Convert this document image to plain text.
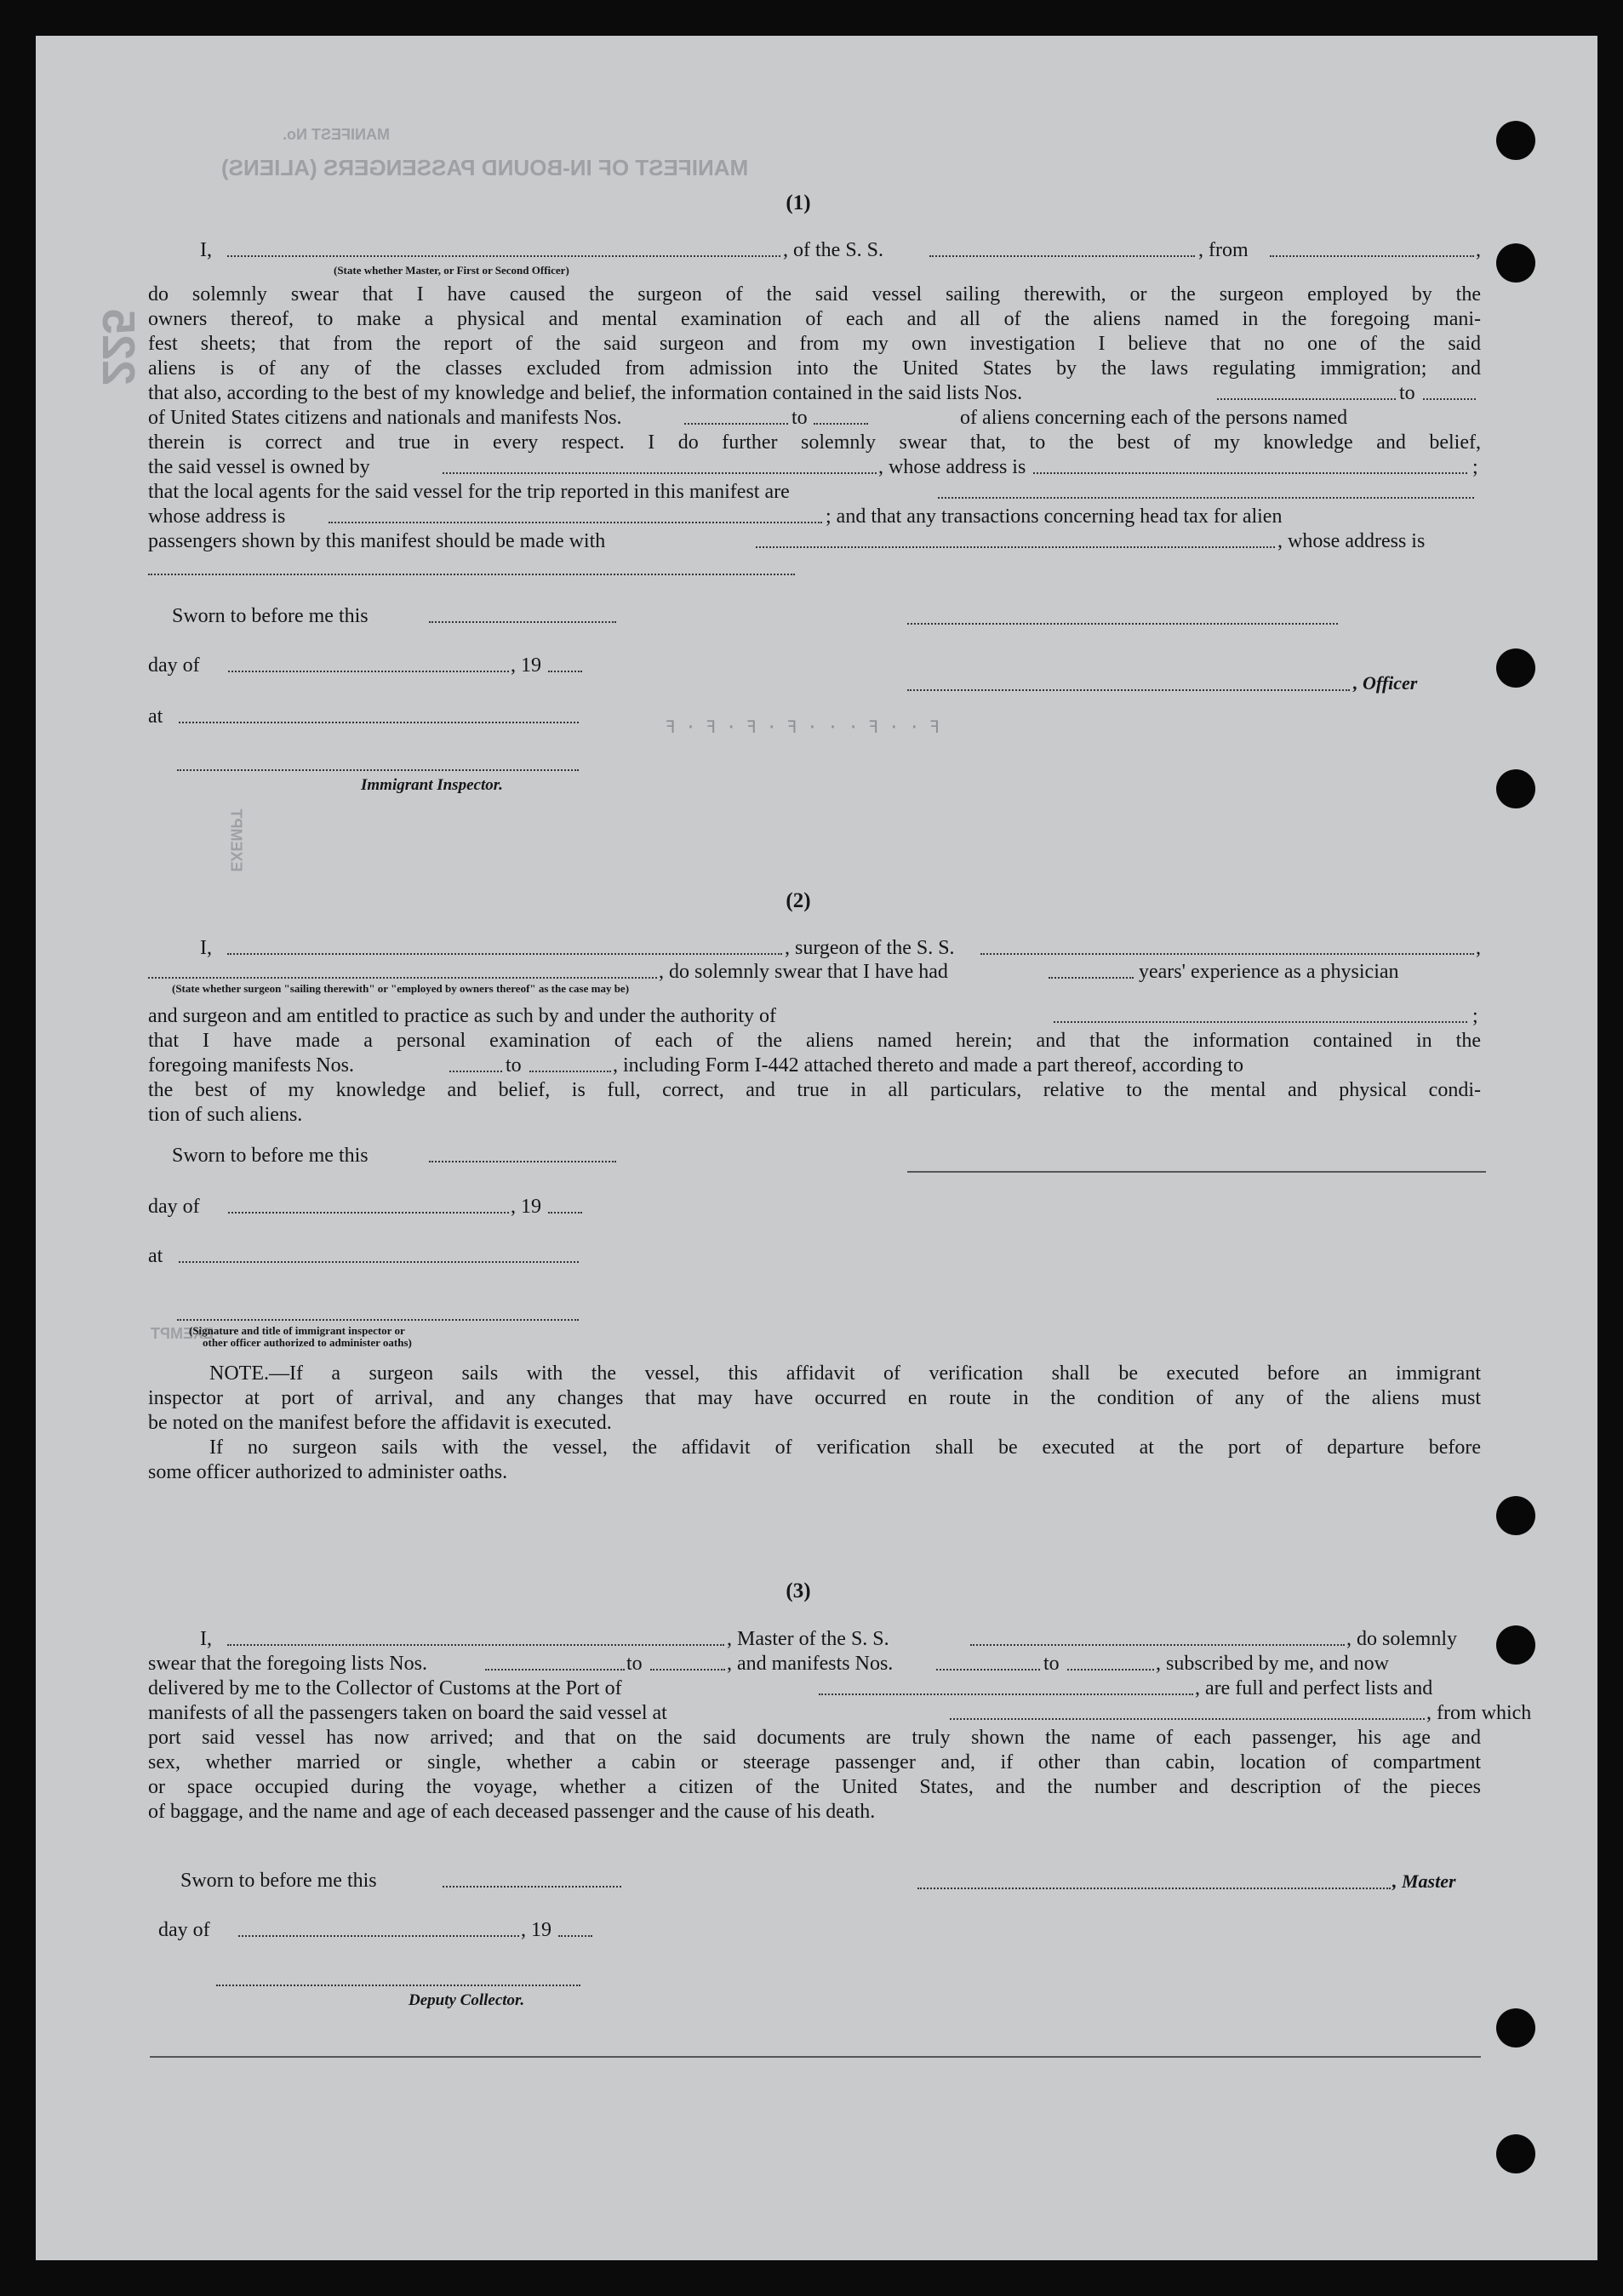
MANIFEST No.
MANIFEST OF IN-BOUND PASSENGERS (ALIENS)
225
EXEMPT
EXEMPT
ꟻ · ꟻ · ꟻ · ꟻ · · · ꟻ · · ꟻ
(1)
I,	, of the S. S.	, from	,
(State whether Master, or First or Second Officer)
do solemnly swear that I have caused the surgeon of the said vessel sailing therewith, or the surgeon employed by the
owners thereof, to make a physical and mental examination of each and all of the aliens named in the foregoing mani-
fest sheets; that from the report of the said surgeon and from my own investigation I believe that no one of the said
aliens is of any of the classes excluded from admission into the United States by the laws regulating immigration; and
that also, according to the best of my knowledge and belief, the information contained in the said lists Nos.	to
of United States citizens and nationals and manifests Nos.	to	of aliens concerning each of the persons named
therein is correct and true in every respect. I do further solemnly swear that, to the best of my knowledge and belief,
the said vessel is owned by	, whose address is	;
that the local agents for the said vessel for the trip reported in this manifest are
whose address is	; and that any transactions concerning head tax for alien
passengers shown by this manifest should be made with	, whose address is
Sworn to before me this
day of	, 19
, Officer
at
Immigrant Inspector.
(2)
I,	, surgeon of the S. S.	,
, do solemnly swear that I have had	years' experience as a physician
(State whether surgeon "sailing therewith" or "employed by owners thereof" as the case may be)
and surgeon and am entitled to practice as such by and under the authority of	;
that I have made a personal examination of each of the aliens named herein; and that the information contained in the
foregoing manifests Nos.	to	, including Form I-442 attached thereto and made a part thereof, according to
the best of my knowledge and belief, is full, correct, and true in all particulars, relative to the mental and physical condi-
tion of such aliens.
Sworn to before me this
day of	, 19
at
(Signature and title of immigrant inspector or
other officer authorized to administer oaths)
NOTE.—If a surgeon sails with the vessel, this affidavit of verification shall be executed before an immigrant
inspector at port of arrival, and any changes that may have occurred en route in the condition of any of the aliens must
be noted on the manifest before the affidavit is executed.
If no surgeon sails with the vessel, the affidavit of verification shall be executed at the port of departure before
some officer authorized to administer oaths.
(3)
I,	, Master of the S. S.	, do solemnly
swear that the foregoing lists Nos.	to	, and manifests Nos.	to	, subscribed by me, and now
delivered by me to the Collector of Customs at the Port of	, are full and perfect lists and
manifests of all the passengers taken on board the said vessel at	, from which
port said vessel has now arrived; and that on the said documents are truly shown the name of each passenger, his age and
sex, whether married or single, whether a cabin or steerage passenger and, if other than cabin, location of compartment
or space occupied during the voyage, whether a citizen of the United States, and the number and description of the pieces
of baggage, and the name and age of each deceased passenger and the cause of his death.
Sworn to before me this	, Master
day of	, 19
Deputy Collector.
